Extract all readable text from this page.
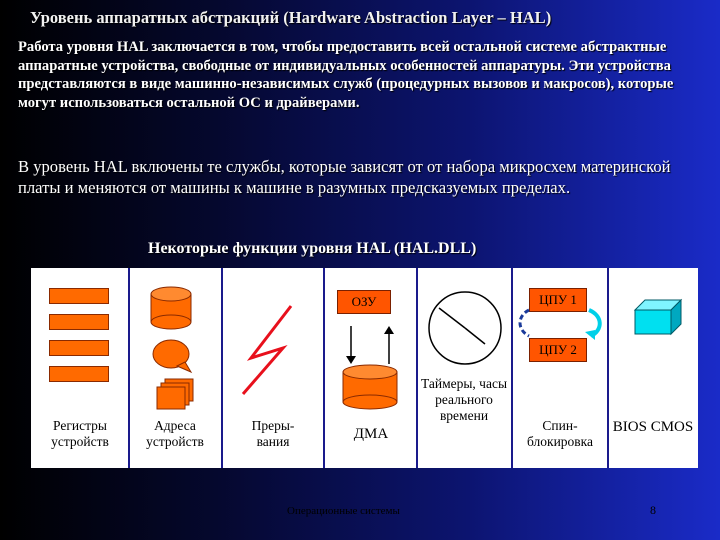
Уровень аппаратных абстракций (Hardware Abstraction Layer – HAL)
Работа уровня HAL заключается в том, чтобы предоставить всей остальной системе абстрактные аппаратные устройства, свободные от индивидуальных особенностей аппаратуры. Эти устройства представляются в виде машинно-независимых служб (процедурных вызовов и макросов), которые могут использоваться остальной ОС и драйверами.
В уровень HAL включены те службы, которые зависят от от набора микросхем материнской платы и меняются от машины к машине в разумных предсказуемых пределах.
Некоторые функции уровня HAL (HAL.DLL)
Регистры устройств
Адреса устройств
Преры-
вания
ОЗУ
ДМА
Таймеры, часы реального времени
ЦПУ 1
ЦПУ 2
Спин-блокировка
BIOS CMOS
Операционные системы	8
